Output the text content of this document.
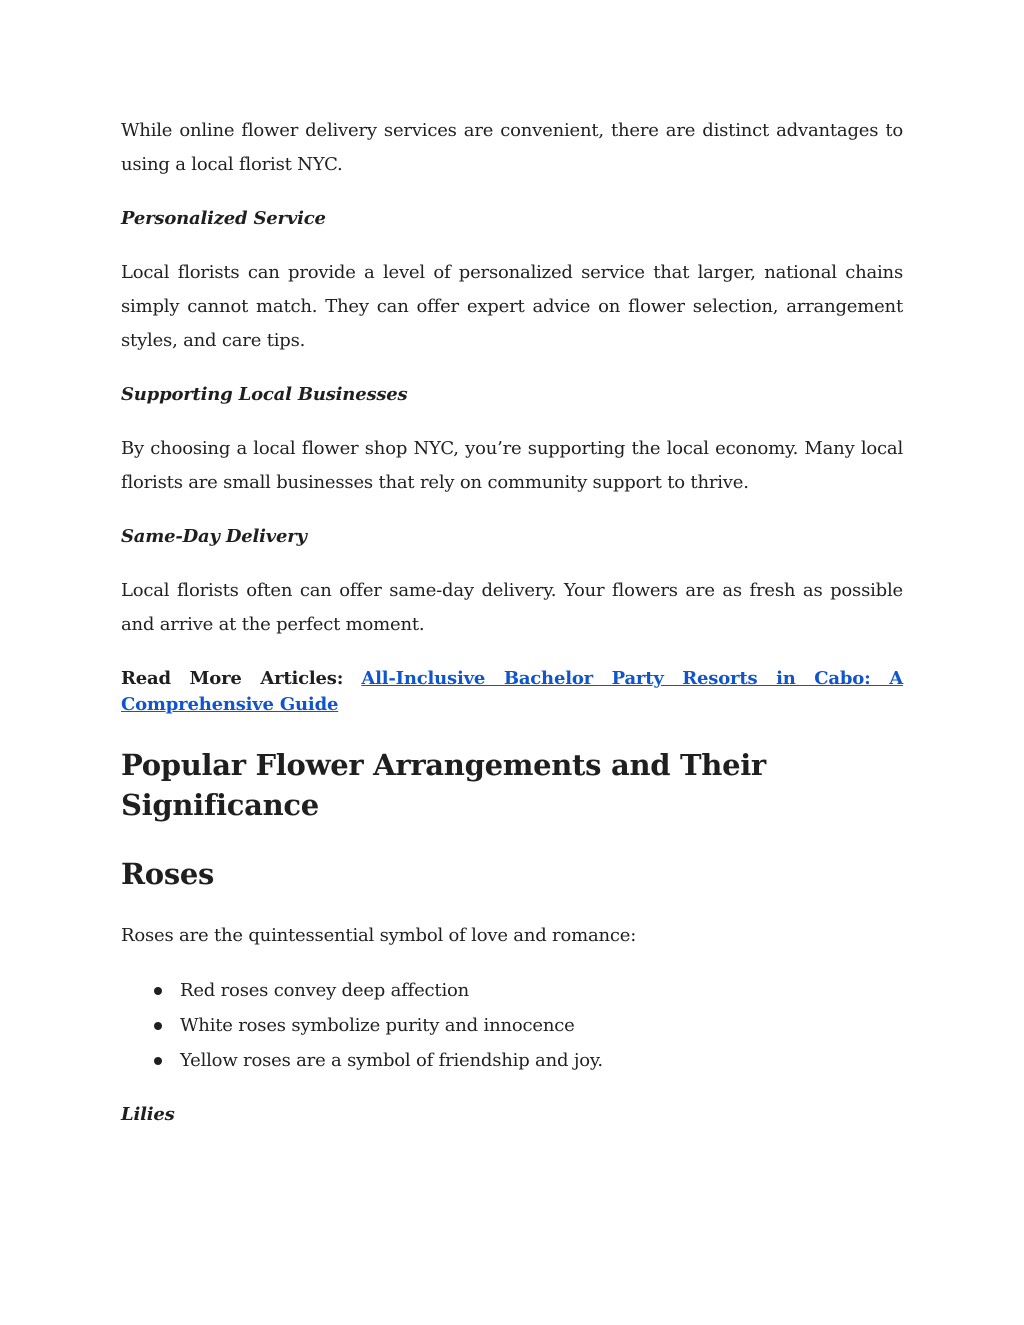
While online flower delivery services are convenient, there are distinct advantages to using a local florist NYC.

Personalized Service

Local florists can provide a level of personalized service that larger, national chains simply cannot match. They can offer expert advice on flower selection, arrangement styles, and care tips.

Supporting Local Businesses

By choosing a local flower shop NYC, you’re supporting the local economy. Many local florists are small businesses that rely on community support to thrive.

Same-Day Delivery

Local florists often can offer same-day delivery. Your flowers are as fresh as possible and arrive at the perfect moment.

Read More Articles: All-Inclusive Bachelor Party Resorts in Cabo: A Comprehensive Guide

Popular Flower Arrangements and Their Significance
Roses

Roses are the quintessential symbol of love and romance:

Red roses convey deep affection
White roses symbolize purity and innocence
Yellow roses are a symbol of friendship and joy.
Lilies
